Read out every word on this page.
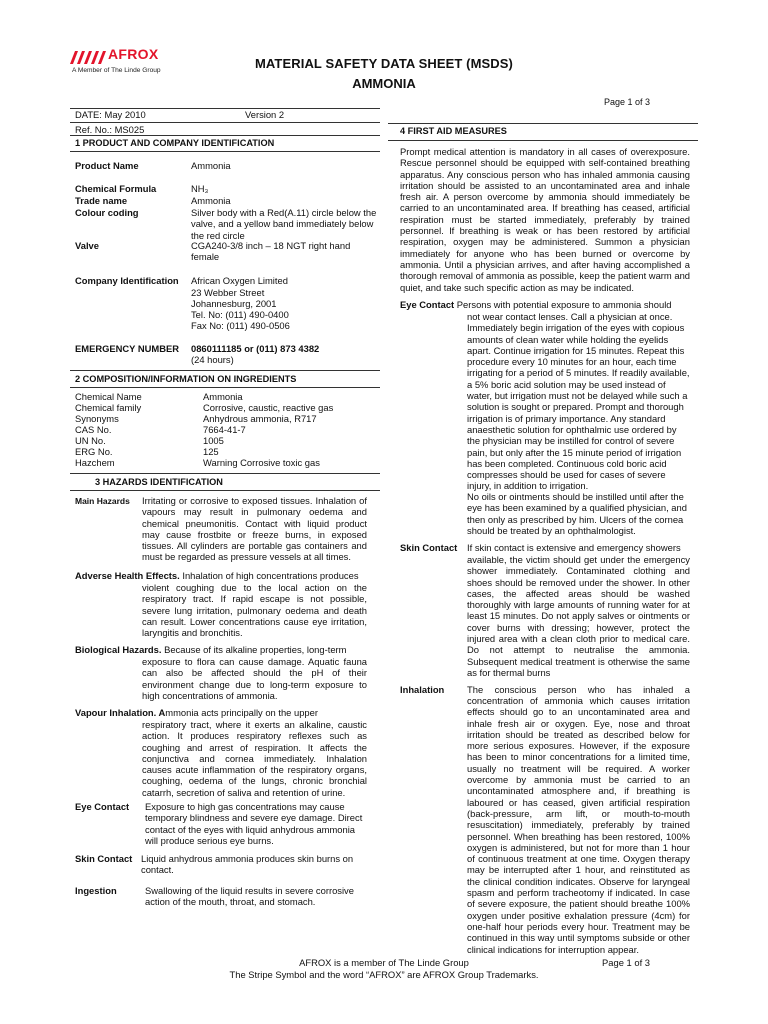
AFROX
A Member of The Linde Group	MATERIAL SAFETY DATA SHEET (MSDS)
AMMONIA
Page 1 of 3
DATE: May 2010	Version 2
Ref. No.: MS025
1 PRODUCT AND COMPANY IDENTIFICATION
Product Name	Ammonia
Chemical Formula	NH₃
Trade name	Ammonia
Colour coding	Silver body with a Red(A.11) circle below the valve, and a yellow band immediately below the red circle
Valve	CGA240-3/8 inch – 18 NGT right hand female
Company Identification African Oxygen Limited
23 Webber Street
Johannesburg, 2001
Tel. No: (011) 490-0400
Fax No: (011) 490-0506
EMERGENCY NUMBER 0860111185 or (011) 873 4382
(24 hours)
2 COMPOSITION/INFORMATION ON INGREDIENTS
Chemical Name	Ammonia
Chemical family	Corrosive, caustic, reactive gas
Synonyms	Anhydrous ammonia, R717
CAS No.	7664-41-7
UN No.	1005
ERG No.	125
Hazchem	Warning Corrosive toxic gas
3 HAZARDS IDENTIFICATION
Main Hazards Irritating or corrosive to exposed tissues. Inhalation of vapours may result in pulmonary oedema and chemical pneumonitis. Contact with liquid product may cause frostbite or freeze burns, in exposed tissues. All cylinders are portable gas containers and must be regarded as pressure vessels at all times.
Adverse Health Effects. Inhalation of high concentrations produces
violent coughing due to the local action on the respiratory tract. If rapid escape is not possible, severe lung irritation, pulmonary oedema and death can result. Lower concentrations cause eye irritation, laryngitis and bronchitis.
Biological Hazards. Because of its alkaline properties, long-term
exposure to flora can cause damage. Aquatic fauna can also be affected should the pH of their environment change due to long-term exposure to high concentrations of ammonia.
Vapour Inhalation. Ammonia acts principally on the upper
respiratory tract, where it exerts an alkaline, caustic action. It produces respiratory reflexes such as coughing and arrest of respiration. It affects the conjunctiva and cornea immediately. Inhalation causes acute inflammation of the respiratory organs, coughing, oedema of the lungs, chronic bronchial catarrh, secretion of saliva and retention of urine.
Eye Contact Exposure to high gas concentrations may cause temporary blindness and severe eye damage. Direct contact of the eyes with liquid anhydrous ammonia will produce serious eye burns.
Skin Contact Liquid anhydrous ammonia produces skin burns on contact.
Ingestion	Swallowing of the liquid results in severe corrosive action of the mouth, throat, and stomach.
4 FIRST AID MEASURES
Prompt medical attention is mandatory in all cases of overexposure. Rescue personnel should be equipped with self-contained breathing apparatus. Any conscious person who has inhaled ammonia causing irritation should be assisted to an uncontaminated area and inhale fresh air. A person overcome by ammonia should immediately be carried to an uncontaminated area. If breathing has ceased, artificial respiration must be started immediately, preferably by trained personnel. If breathing is weak or has been restored by artificial respiration, oxygen may be administered. Summon a physician immediately for anyone who has been burned or overcome by ammonia. Until a physician arrives, and after having accomplished a thorough removal of ammonia as possible, keep the patient warm and quiet, and take such specific action as may be indicated.
Eye Contact Persons with potential exposure to ammonia should
not wear contact lenses. Call a physician at once. Immediately begin irrigation of the eyes with copious amounts of clean water while holding the eyelids apart. Continue irrigation for 15 minutes. Repeat this procedure every 10 minutes for an hour, each time irrigating for a period of 5 minutes. If readily available, a 5% boric acid solution may be used instead of water, but irrigation must not be delayed while such a solution is sought or prepared. Prompt and thorough irrigation is of primary importance. Any standard anaesthetic solution for ophthalmic use ordered by the physician may be instilled for control of severe pain, but only after the 15 minute period of irrigation has been completed. Continuous cold boric acid compresses should be used for cases of severe injury, in addition to irrigation.
No oils or ointments should be instilled until after the eye has been examined by a qualified physician, and then only as prescribed by him. Ulcers of the cornea should be treated by an ophthalmologist.
Skin Contact If skin contact is extensive and emergency showers
available, the victim should get under the emergency shower immediately. Contaminated clothing and shoes should be removed under the shower. In other cases, the affected areas should be washed thoroughly with large amounts of running water for at least 15 minutes. Do not apply salves or ointments or cover burns with dressing; however, protect the injured area with a clean cloth prior to medical care. Do not attempt to neutralise the ammonia. Subsequent medical treatment is otherwise the same as for thermal burns
Inhalation The conscious person who has inhaled a
concentration of ammonia which causes irritation effects should go to an uncontaminated area and inhale fresh air or oxygen. Eye, nose and throat irritation should be treated as described below for more serious exposures. However, if the exposure has been to minor concentrations for a limited time, usually no treatment will be required. A worker overcome by ammonia must be carried to an uncontaminated atmosphere and, if breathing is laboured or has ceased, given artificial respiration (back-pressure, arm lift, or mouth-to-mouth resuscitation) immediately, preferably by trained personnel. When breathing has been restored, 100% oxygen is administered, but not for more than 1 hour of continuous treatment at one time. Oxygen therapy may be interrupted after 1 hour, and reinstituted as the clinical condition indicates. Observe for laryngeal spasm and perform tracheotomy if indicated. In case of severe exposure, the patient should breathe 100% oxygen under positive exhalation pressure (4cm) for one-half hour periods every hour. Treatment may be continued in this way until symptoms subside or other clinical indications for interruption appear.
AFROX is a member of The Linde Group
The Stripe Symbol and the word “AFROX” are AFROX Group Trademarks.
Page 1 of 3
